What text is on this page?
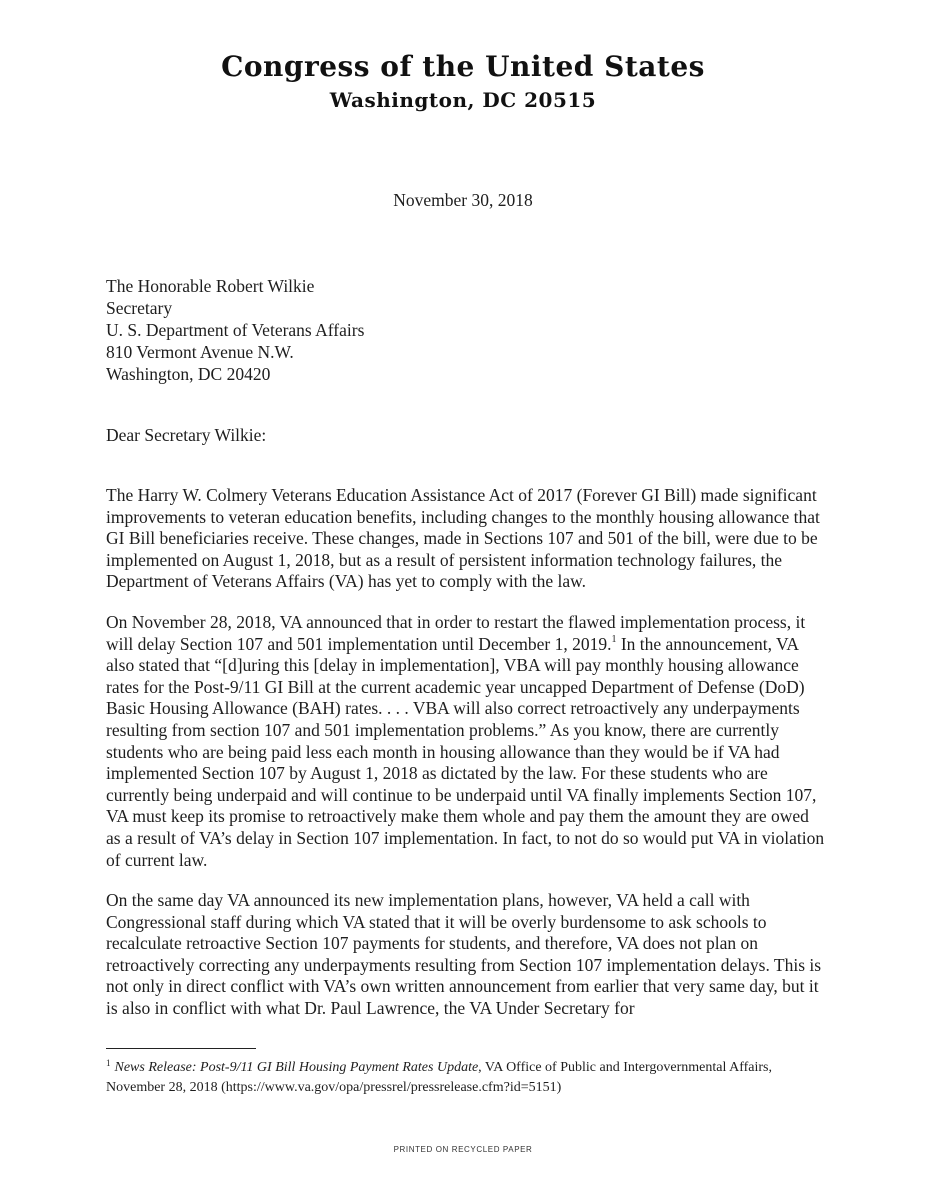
Congress of the United States
Washington, DC 20515
November 30, 2018
The Honorable Robert Wilkie
Secretary
U. S. Department of Veterans Affairs
810 Vermont Avenue N.W.
Washington, DC 20420
Dear Secretary Wilkie:

The Harry W. Colmery Veterans Education Assistance Act of 2017 (Forever GI Bill) made significant improvements to veteran education benefits, including changes to the monthly housing allowance that GI Bill beneficiaries receive. These changes, made in Sections 107 and 501 of the bill, were due to be implemented on August 1, 2018, but as a result of persistent information technology failures, the Department of Veterans Affairs (VA) has yet to comply with the law.

On November 28, 2018, VA announced that in order to restart the flawed implementation process, it will delay Section 107 and 501 implementation until December 1, 2019.$^1$ In the announcement, VA also stated that “[d]uring this [delay in implementation], VBA will pay monthly housing allowance rates for the Post-9/11 GI Bill at the current academic year uncapped Department of Defense (DoD) Basic Housing Allowance (BAH) rates. . . . VBA will also correct retroactively any underpayments resulting from section 107 and 501 implementation problems.” As you know, there are currently students who are being paid less each month in housing allowance than they would be if VA had implemented Section 107 by August 1, 2018 as dictated by the law. For these students who are currently being underpaid and will continue to be underpaid until VA finally implements Section 107, VA must keep its promise to retroactively make them whole and pay them the amount they are owed as a result of VA’s delay in Section 107 implementation. In fact, to not do so would put VA in violation of current law.

On the same day VA announced its new implementation plans, however, VA held a call with Congressional staff during which VA stated that it will be overly burdensome to ask schools to recalculate retroactive Section 107 payments for students, and therefore, VA does not plan on retroactively correcting any underpayments resulting from Section 107 implementation delays. This is not only in direct conflict with VA’s own written announcement from earlier that very same day, but it is also in conflict with what Dr. Paul Lawrence, the VA Under Secretary for

$^1$ News Release: Post-9/11 GI Bill Housing Payment Rates Update, VA Office of Public and Intergovernmental Affairs, November 28, 2018 (https://www.va.gov/opa/pressrel/pressrelease.cfm?id=5151)
PRINTED ON RECYCLED PAPER
